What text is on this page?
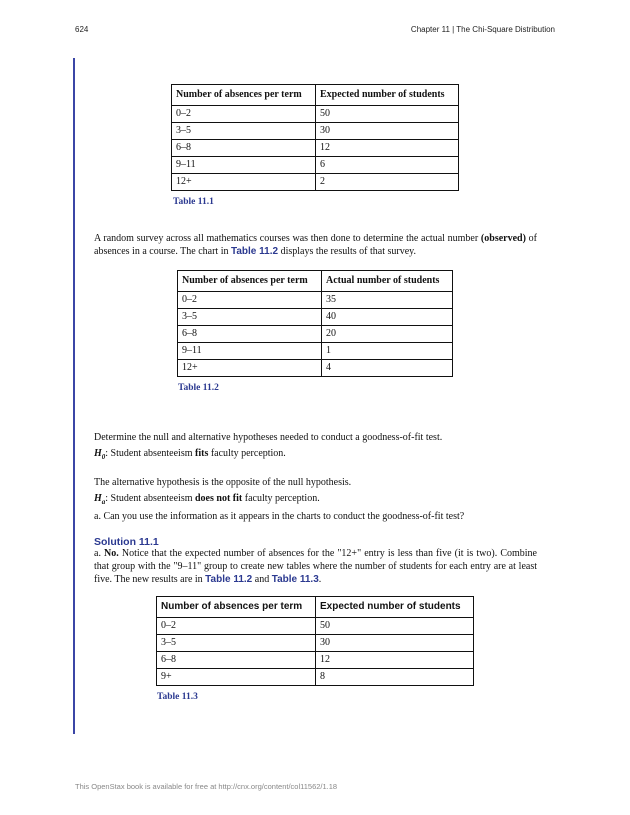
624	Chapter 11 | The Chi-Square Distribution
Number of absences per term	Expected number of students
0–2	50
3–5	30
6–8	12
9–11	6
12+	2
Table 11.1

A random survey across all mathematics courses was then done to determine the actual number (observed) of absences in a course. The chart in Table 11.2 displays the results of that survey.

Number of absences per term	Actual number of students
0–2	35
3–5	40
6–8	20
9–11	1
12+	4
Table 11.2

Determine the null and alternative hypotheses needed to conduct a goodness-of-fit test.

$H_0$: Student absenteeism fits faculty perception.

The alternative hypothesis is the opposite of the null hypothesis.

$H_a$: Student absenteeism does not fit faculty perception.

a. Can you use the information as it appears in the charts to conduct the goodness-of-fit test?

Solution 11.1

a. No. Notice that the expected number of absences for the "12+" entry is less than five (it is two). Combine that group with the "9–11" group to create new tables where the number of students for each entry are at least five. The new results are in Table 11.2 and Table 11.3.

Number of absences per term	Expected number of students
0–2	50
3–5	30
6–8	12
9+	8
Table 11.3
This OpenStax book is available for free at http://cnx.org/content/col11562/1.18
